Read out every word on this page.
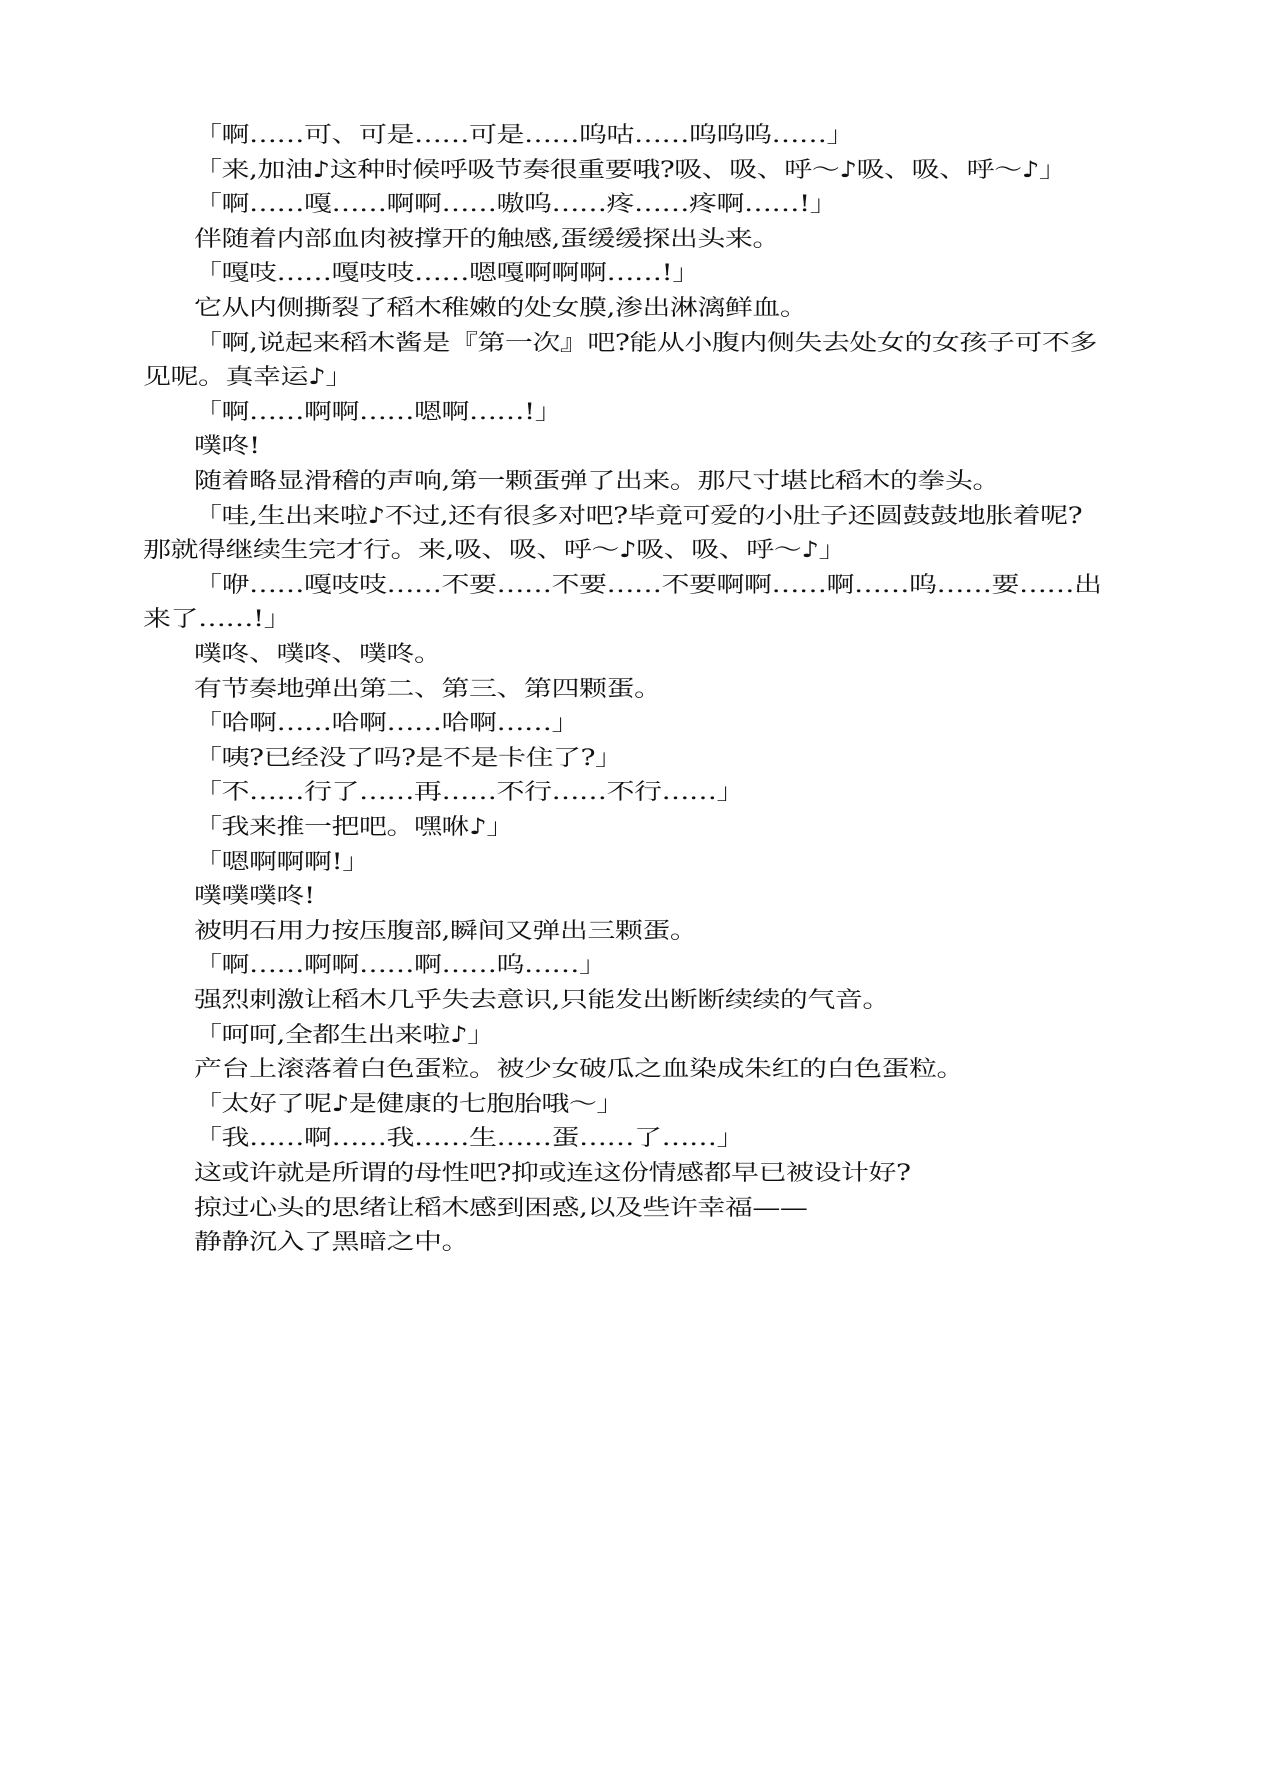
「啊……可、可是……可是……呜咕……呜呜呜……」
「来,加油♪这种时候呼吸节奏很重要哦?吸、吸、呼～♪吸、吸、呼～♪」
「啊……嘎……啊啊……嗷呜……疼……疼啊……!」
伴随着内部血肉被撑开的触感,蛋缓缓探出头来。
「嘎吱……嘎吱吱……嗯嘎啊啊啊……!」
它从内侧撕裂了稻木稚嫩的处女膜,渗出淋漓鲜血。
「啊,说起来稻木酱是『第一次』吧?能从小腹内侧失去处女的女孩子可不多
见呢。真幸运♪」
「啊……啊啊……嗯啊……!」
噗咚!
随着略显滑稽的声响,第一颗蛋弹了出来。那尺寸堪比稻木的拳头。
「哇,生出来啦♪不过,还有很多对吧?毕竟可爱的小肚子还圆鼓鼓地胀着呢?
那就得继续生完才行。来,吸、吸、呼～♪吸、吸、呼～♪」
「咿……嘎吱吱……不要……不要……不要啊啊……啊……呜……要……出
来了……!」
噗咚、噗咚、噗咚。
有节奏地弹出第二、第三、第四颗蛋。
「哈啊……哈啊……哈啊……」
「咦?已经没了吗?是不是卡住了?」
「不……行了……再……不行……不行……」
「我来推一把吧。嘿咻♪」
「嗯啊啊啊!」
噗噗噗咚!
被明石用力按压腹部,瞬间又弹出三颗蛋。
「啊……啊啊……啊……呜……」
强烈刺激让稻木几乎失去意识,只能发出断断续续的气音。
「呵呵,全都生出来啦♪」
产台上滚落着白色蛋粒。被少女破瓜之血染成朱红的白色蛋粒。
「太好了呢♪是健康的七胞胎哦～」
「我……啊……我……生……蛋……了……」
这或许就是所谓的母性吧?抑或连这份情感都早已被设计好?
掠过心头的思绪让稻木感到困惑,以及些许幸福——
静静沉入了黑暗之中。
